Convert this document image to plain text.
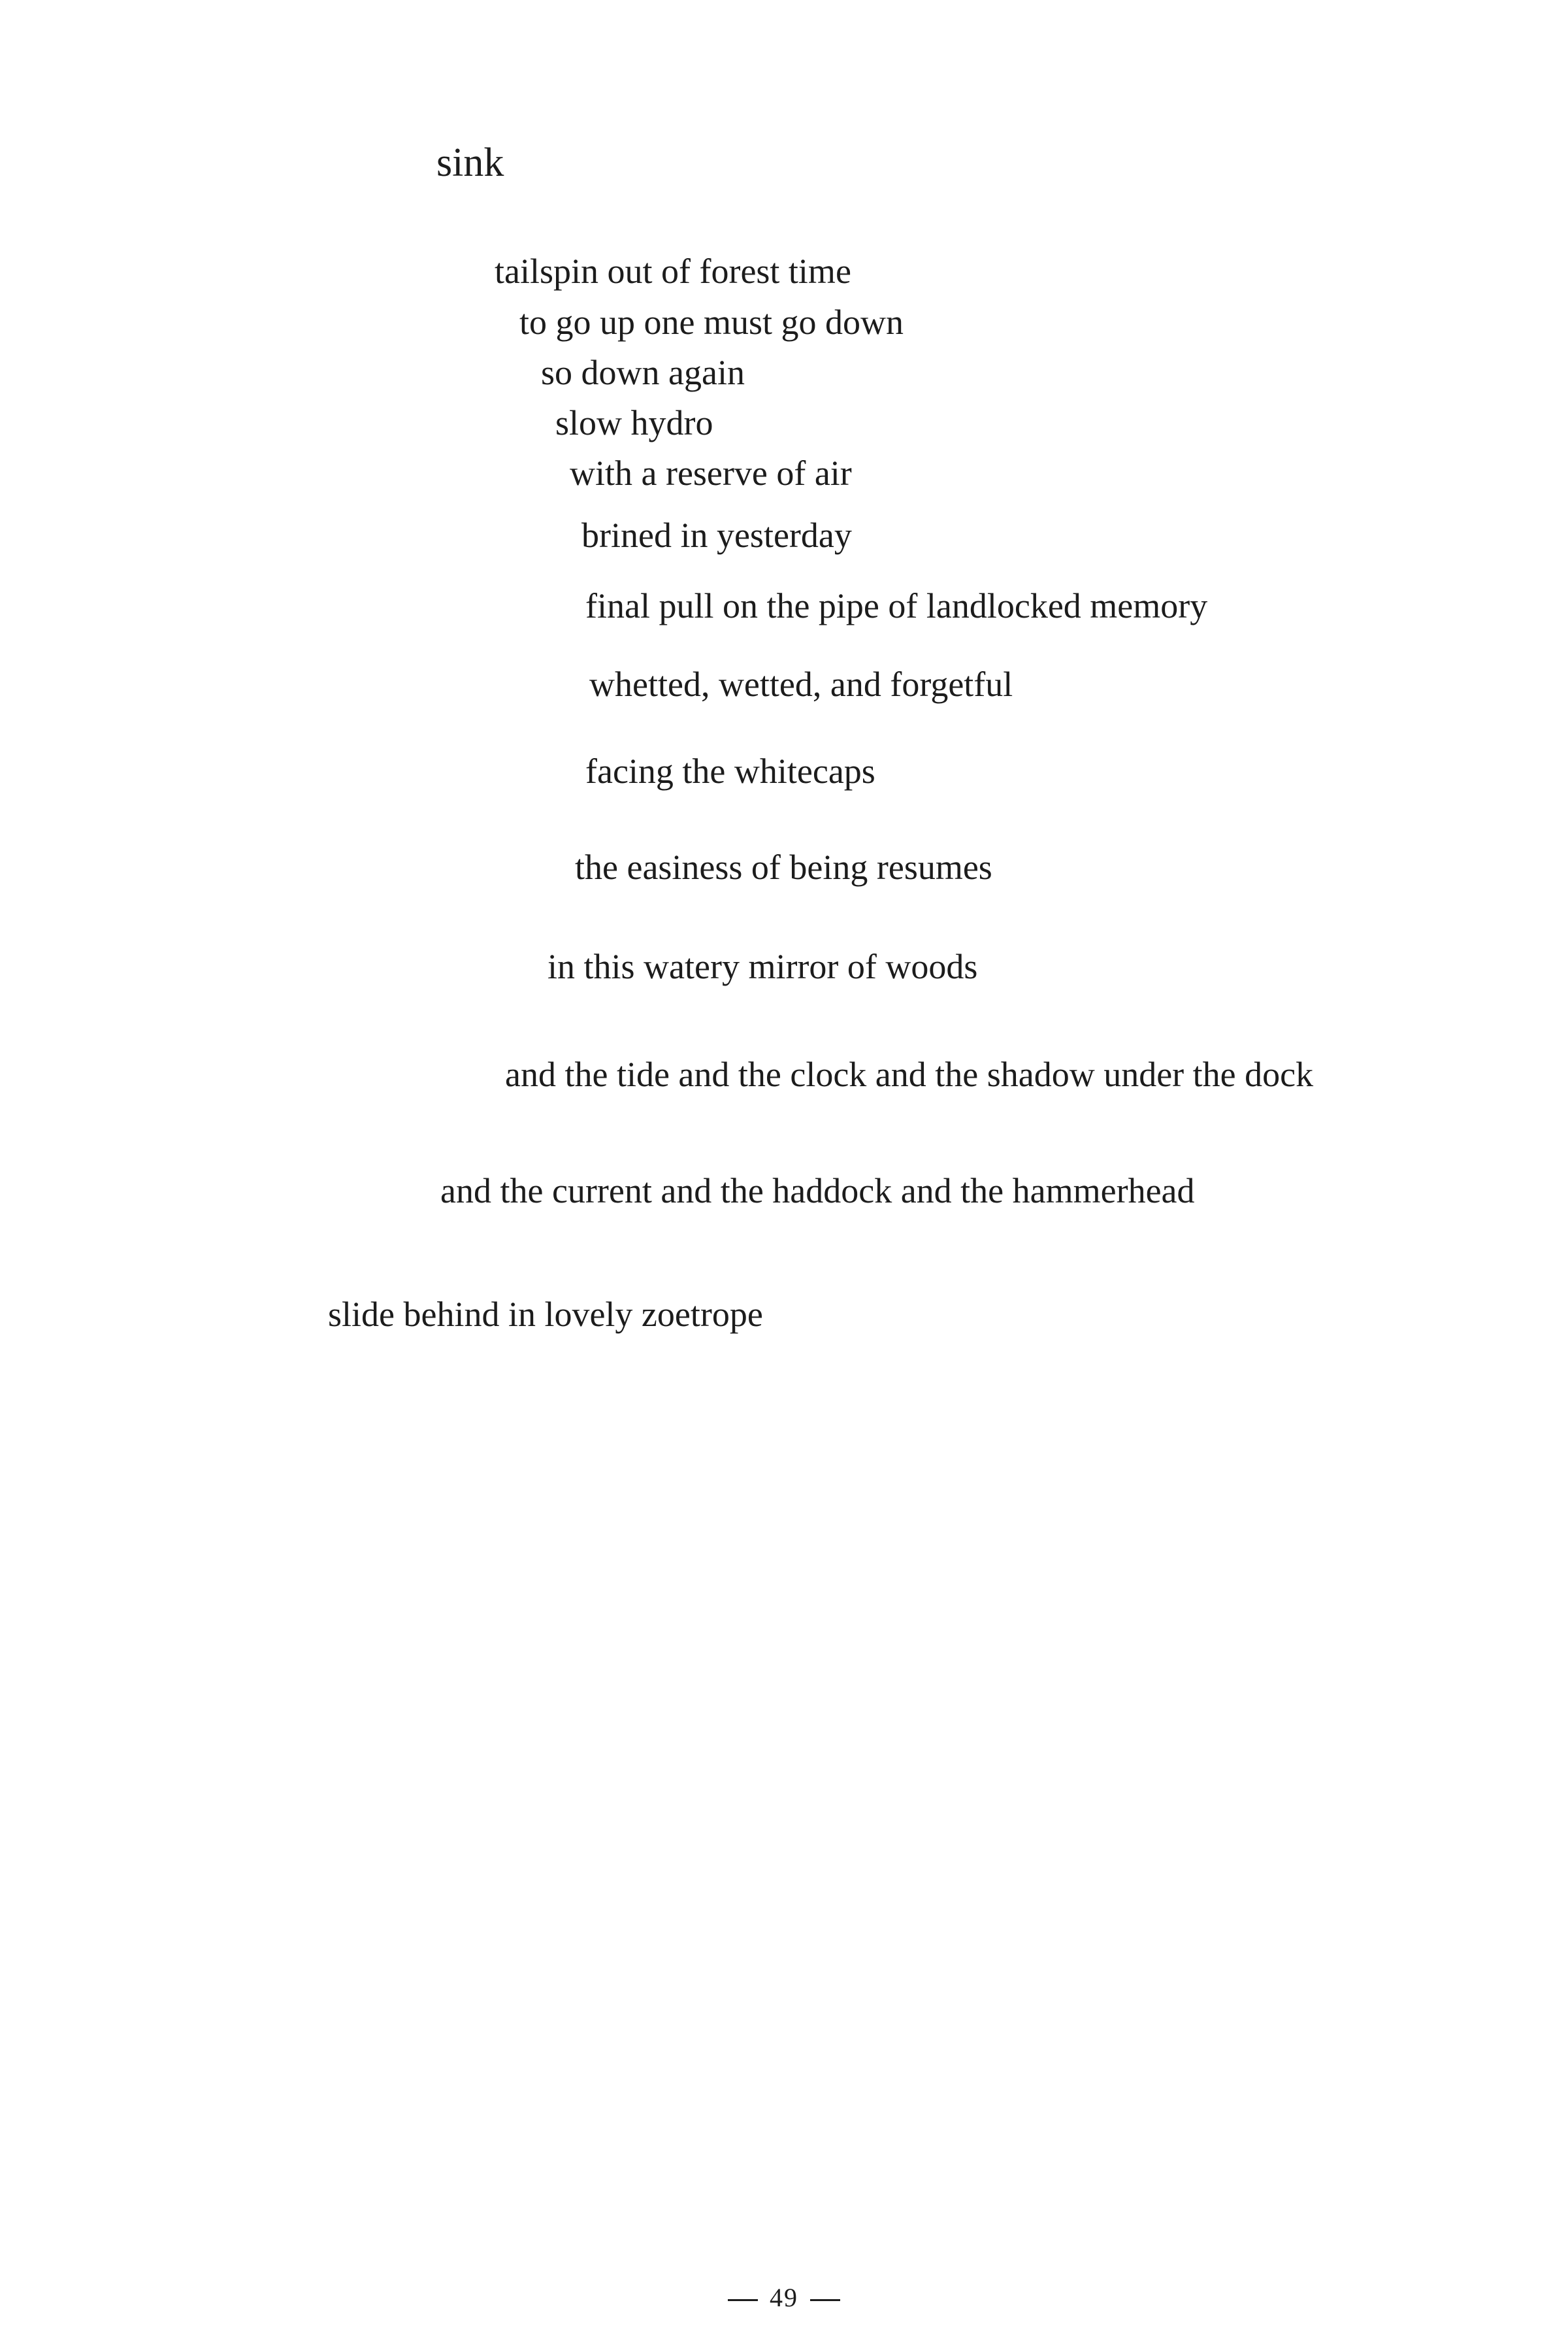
sink
tailspin out of forest time
to go up one must go down
so down again
slow hydro
with a reserve of air
brined in yesterday
final pull on the pipe of landlocked memory
whetted, wetted, and forgetful
facing the whitecaps
the easiness of being resumes
in this watery mirror of woods
and the tide and the clock and the shadow under the dock
and the current and the haddock and the hammerhead
slide behind in lovely zoetrope
49
